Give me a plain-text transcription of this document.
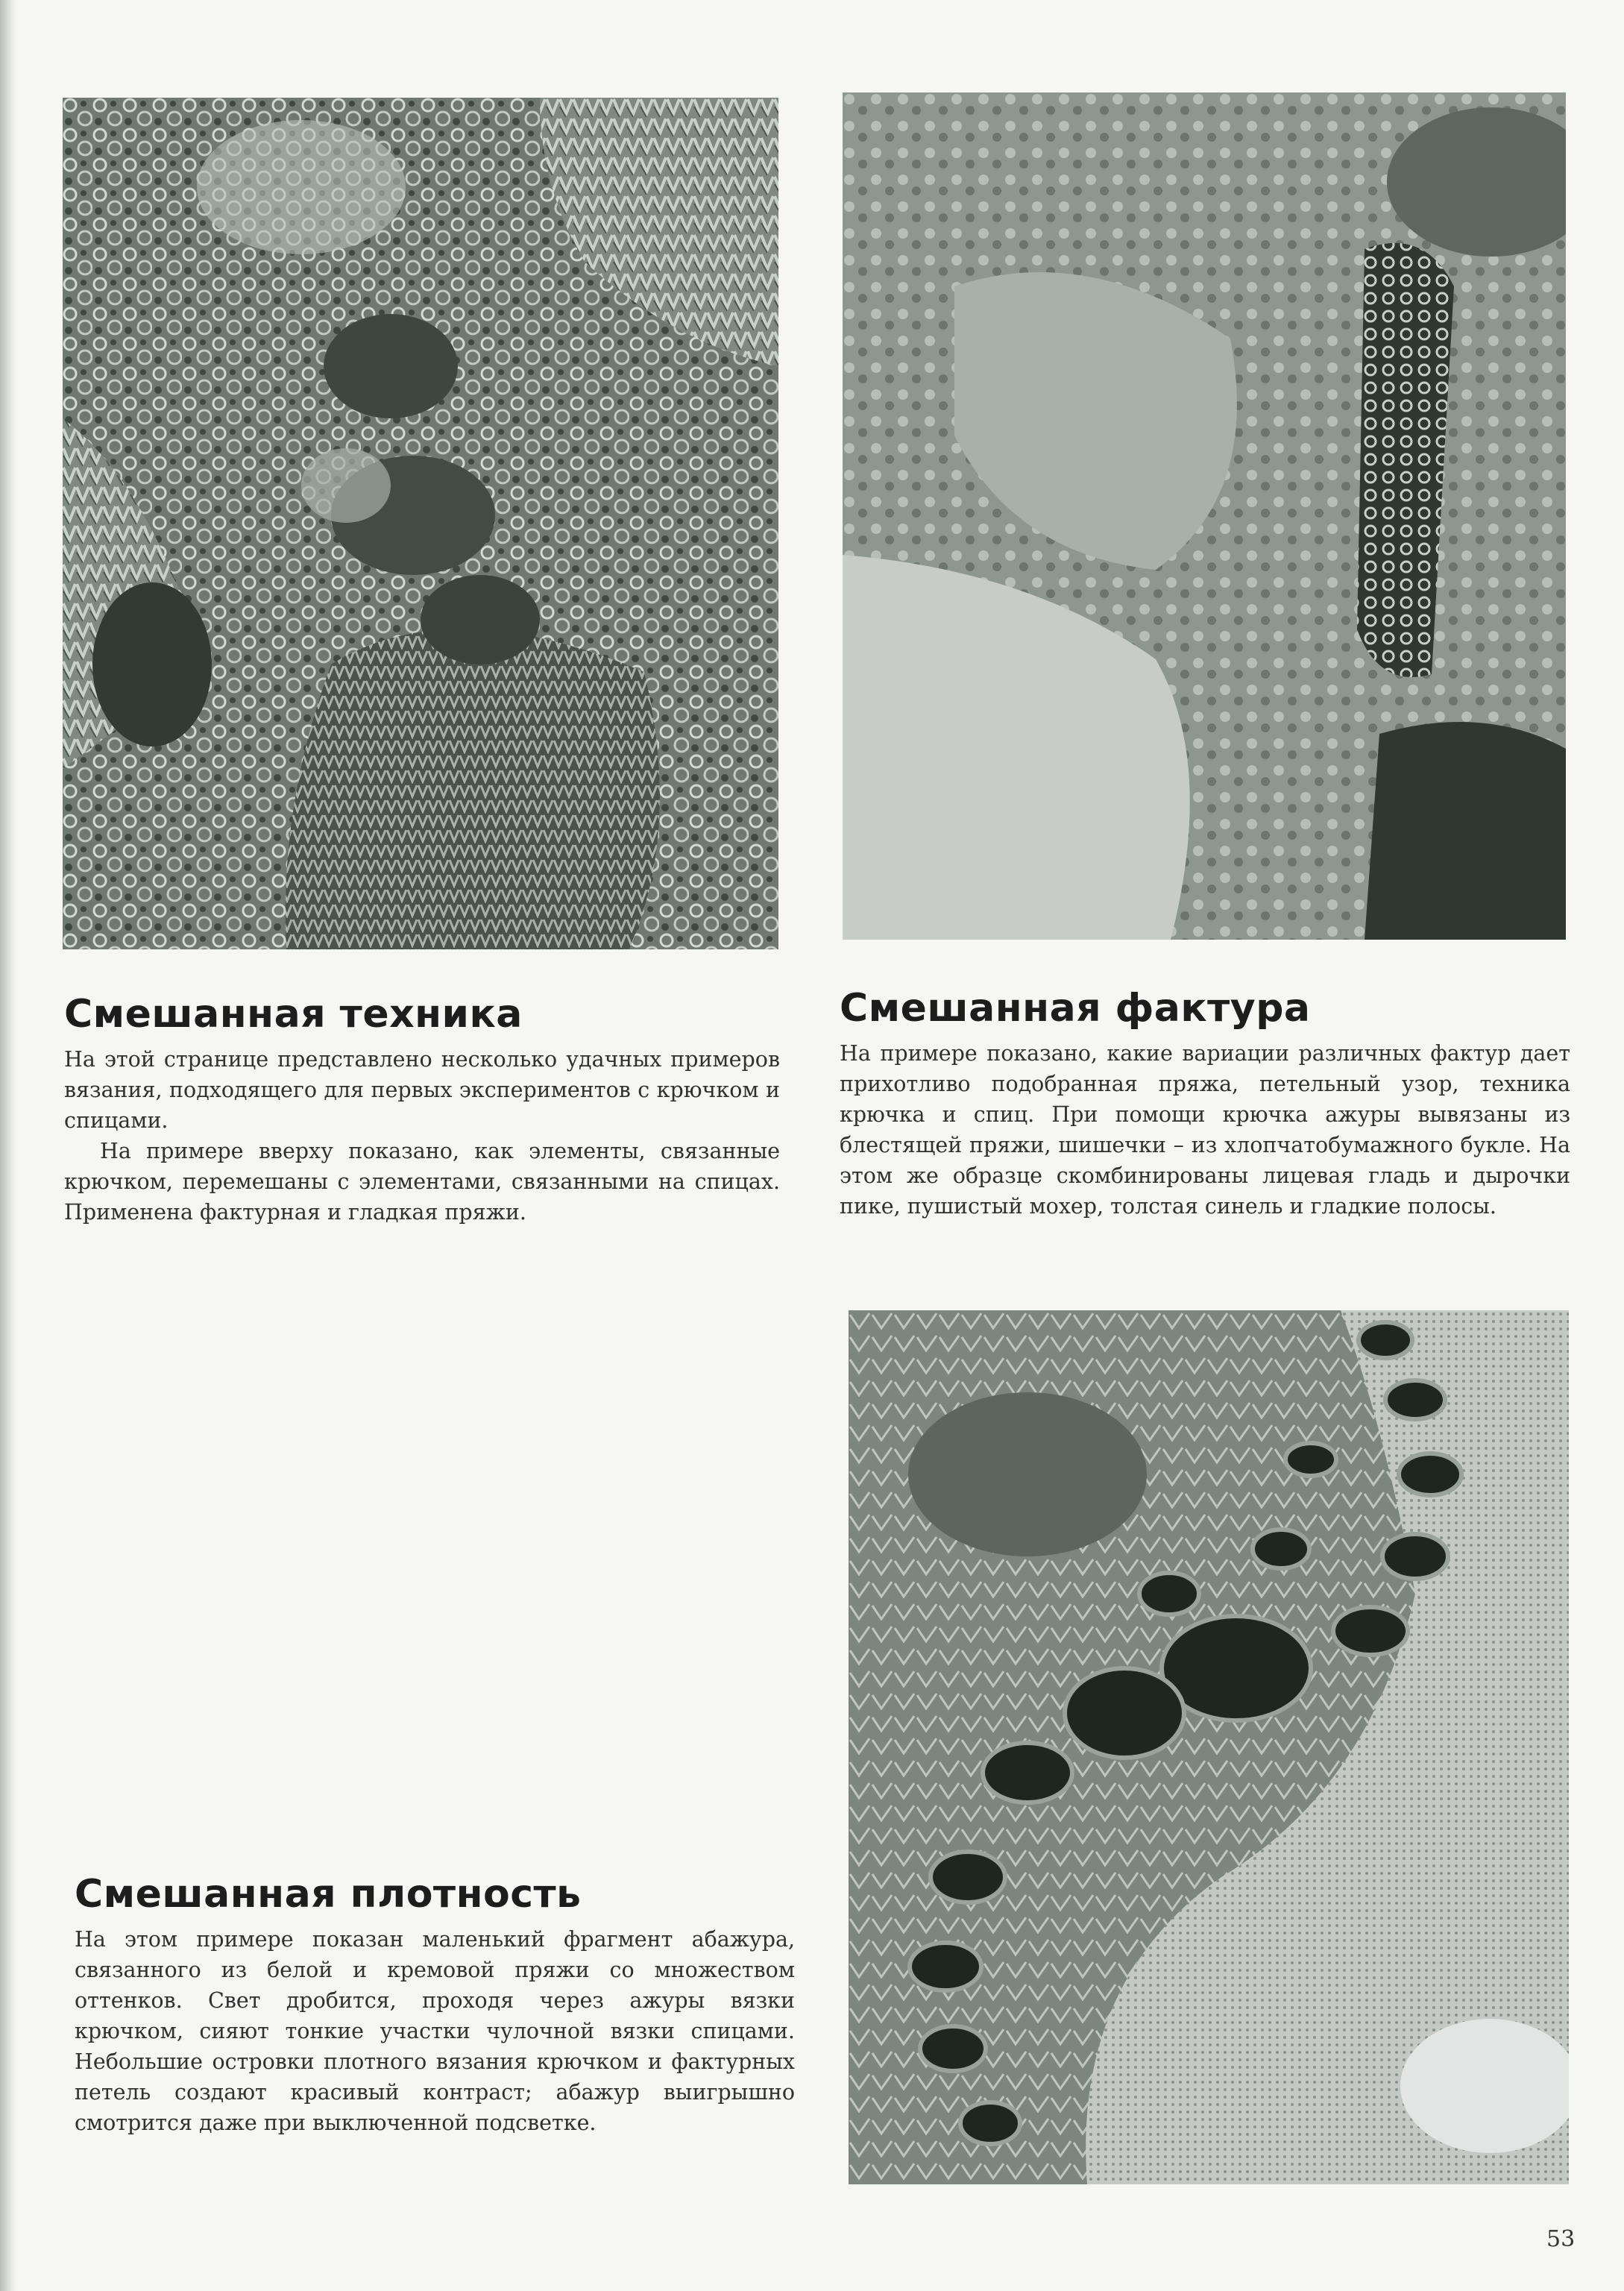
Смешанная техника

На этой странице представлено несколько удачных примеров вязания, подходящего для первых экспериментов с крючком и спицами.

На примере вверху показано, как элементы, связанные крючком, перемешаны с элементами, связанными на спицах. Применена фактурная и гладкая пряжи.

Смешанная фактура

На примере показано, какие вариации различных фактур дает прихотливо подобранная пряжа, петельный узор, техника крючка и спиц. При помощи крючка ажуры вывязаны из блестящей пряжи, шишечки – из хлопчатобумажного букле. На этом же образце скомбинированы лицевая гладь и дырочки пике, пушистый мохер, толстая синель и гладкие полосы.

Смешанная плотность

На этом примере показан маленький фрагмент абажура, связанного из белой и кремовой пряжи со множеством оттенков. Свет дробится, проходя через ажуры вязки крючком, сияют тонкие участки чулочной вязки спицами. Небольшие островки плотного вязания крючком и фактурных петель создают красивый контраст; абажур выигрышно смотрится даже при выключенной подсветке.

53
